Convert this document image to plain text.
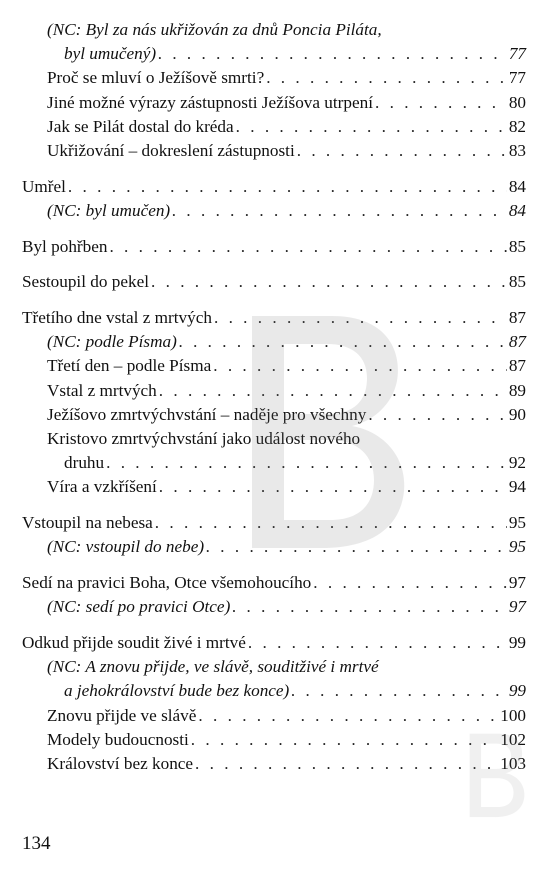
(NC: Byl za nás ukřižován za dnů Poncia Piláta,
byl umučený) . . .	77
Proč se mluví o Ježíšově smrti? . . .	77
Jiné možné výrazy zástupnosti Ježíšova utrpení . . .	80
Jak se Pilát dostal do kréda . . .	82
Ukřižování – dokreslení zástupnosti . . .	83
Umřel . . .	84
(NC: byl umučen) . . .	84
Byl pohřben . . .	85
Sestoupil do pekel . . .	85
Třetího dne vstal z mrtvých . . .	87
(NC: podle Písma) . . .	87
Třetí den – podle Písma . . .	87
Vstal z mrtvých . . .	89
Ježíšovo zmrtvýchvstání – naděje pro všechny . . .	90
Kristovo zmrtvýchvstání jako událost nového
druhu . . .	92
Víra a vzkříšení . . .	94
Vstoupil na nebesa . . .	95
(NC: vstoupil do nebe) . . .	95
Sedí na pravici Boha, Otce všemohoucího . . .	97
(NC: sedí po pravici Otce) . . .	97
Odkud přijde soudit živé i mrtvé . . .	99
(NC: A znovu přijde, ve slávě, souditživé i mrtvé
a jehokrálovství bude bez konce) . . .	99
Znovu přijde ve slávě . . .	100
Modely budoucnosti . . .	102
Království bez konce . . .	103
134
